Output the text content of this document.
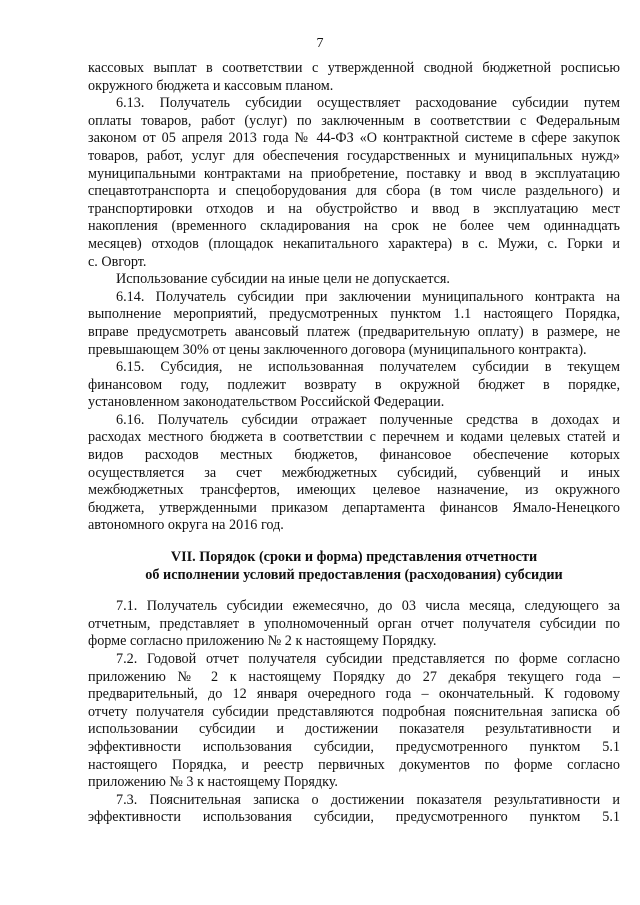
7
кассовых выплат в соответствии с утвержденной сводной бюджетной росписью
окружного бюджета и кассовым планом.
6.13. Получатель субсидии осуществляет расходование субсидии путем
оплаты товаров, работ (услуг) по заключенным в соответствии с Федеральным
законом от 05 апреля 2013 года № 44-ФЗ «О контрактной системе в сфере закупок
товаров, работ, услуг для обеспечения государственных и муниципальных нужд»
муниципальными контрактами на приобретение, поставку и ввод в эксплуатацию
спецавтотранспорта и спецоборудования для сбора (в том числе раздельного) и
транспортировки отходов и на обустройство и ввод в эксплуатацию мест
накопления (временного складирования на срок не более чем одиннадцать
месяцев) отходов (площадок некапитального характера) в с. Мужи, с. Горки и
с. Овгорт.
Использование субсидии на иные цели не допускается.
6.14. Получатель субсидии при заключении муниципального контракта на
выполнение мероприятий, предусмотренных пунктом 1.1 настоящего Порядка,
вправе предусмотреть авансовый платеж (предварительную оплату) в размере, не
превышающем 30% от цены заключенного договора (муниципального контракта).
6.15. Субсидия, не использованная получателем субсидии в текущем
финансовом году, подлежит возврату в окружной бюджет в порядке,
установленном законодательством Российской Федерации.
6.16. Получатель субсидии отражает полученные средства в доходах и
расходах местного бюджета в соответствии с перечнем и кодами целевых статей и
видов расходов местных бюджетов, финансовое обеспечение которых
осуществляется за счет межбюджетных субсидий, субвенций и иных
межбюджетных трансфертов, имеющих целевое назначение, из окружного
бюджета, утвержденными приказом департамента финансов Ямало-Ненецкого
автономного округа на 2016 год.
VII. Порядок (сроки и форма) представления отчетности
об исполнении условий предоставления (расходования) субсидии
7.1. Получатель субсидии ежемесячно, до 03 числа месяца, следующего за
отчетным, представляет в уполномоченный орган отчет получателя субсидии по
форме согласно приложению № 2 к настоящему Порядку.
7.2. Годовой отчет получателя субсидии представляется по форме согласно
приложению № 2 к настоящему Порядку до 27 декабря текущего года –
предварительный, до 12 января очередного года – окончательный. К годовому
отчету получателя субсидии представляются подробная пояснительная записка об
использовании субсидии и достижении показателя результативности и
эффективности использования субсидии, предусмотренного пунктом 5.1
настоящего Порядка, и реестр первичных документов по форме согласно
приложению № 3 к настоящему Порядку.
7.3. Пояснительная записка о достижении показателя результативности и
эффективности использования субсидии, предусмотренного пунктом 5.1
